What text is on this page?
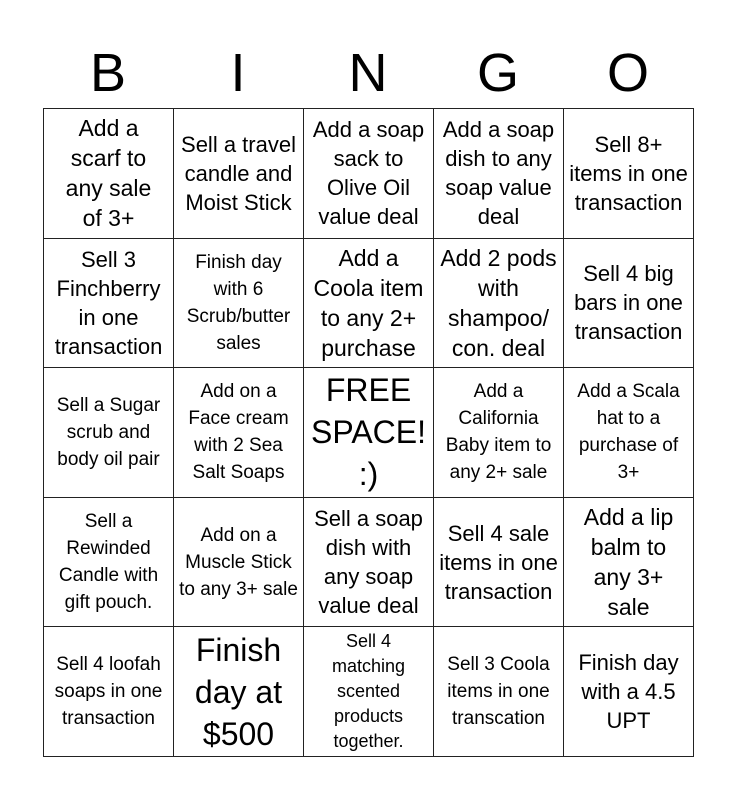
B	I	N	G	O
Add a scarf to any sale of 3+
Sell a travel candle and Moist Stick
Add a soap sack to Olive Oil value deal
Add a soap dish to any soap value deal
Sell 8+ items in one transaction
Sell 3 Finchberry in one transaction
Finish day with 6 Scrub/butter sales
Add a Coola item to any 2+ purchase
Add 2 pods with shampoo/ con. deal
Sell 4 big bars in one transaction
Sell a Sugar scrub and body oil pair
Add on a Face cream with 2 Sea Salt Soaps
FREE SPACE! :)
Add a California Baby item to any 2+ sale
Add a Scala hat to a purchase of 3+
Sell a Rewinded Candle with gift pouch.
Add on a Muscle Stick to any 3+ sale
Sell a soap dish with any soap value deal
Sell 4 sale items in one transaction
Add a lip balm to any 3+ sale
Sell 4 loofah soaps in one transaction
Finish day at $500
Sell 4 matching scented products together.
Sell 3 Coola items in one transcation
Finish day with a 4.5 UPT
